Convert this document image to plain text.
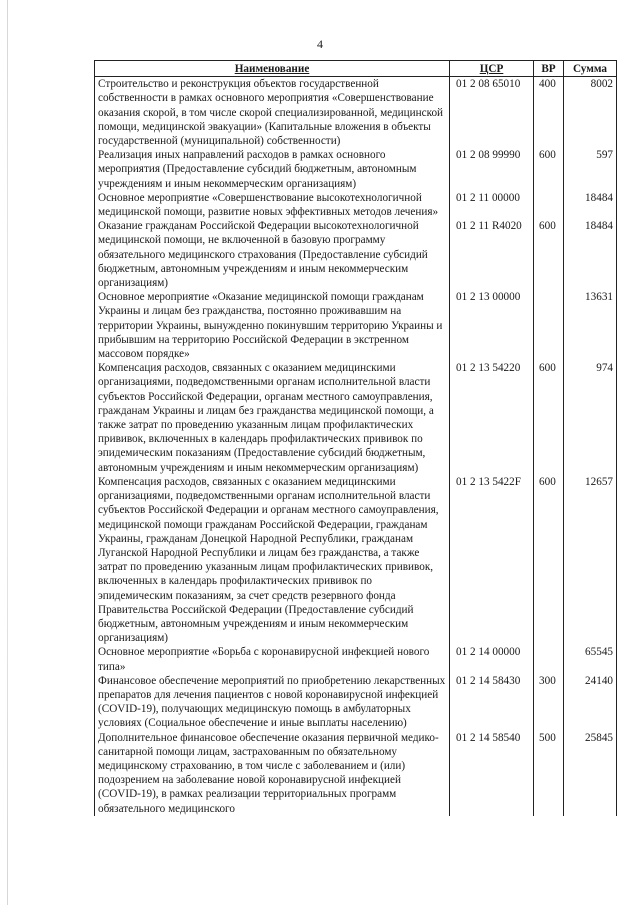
4
Наименование	ЦСР	ВР	Сумма
Строительство и реконструкция объектов государственной собственности в рамках основного мероприятия «Совершенствование оказания скорой, в том числе скорой специализированной, медицинской помощи, медицинской эвакуации» (Капитальные вложения в объекты государственной (муниципальной) собственности)	01 2 08 65010	400	8002
Реализация иных направлений расходов в рамках основного мероприятия (Предоставление субсидий бюджетным, автономным учреждениям и иным некоммерческим организациям)	01 2 08 99990	600	597
Основное мероприятие «Совершенствование высокотехнологичной медицинской помощи, развитие новых эффективных методов лечения»	01 2 11 00000		18484
Оказание гражданам Российской Федерации высокотехнологичной медицинской помощи, не включенной в базовую программу обязательного медицинского страхования (Предоставление субсидий бюджетным, автономным учреждениям и иным некоммерческим организациям)	01 2 11 R4020	600	18484
Основное мероприятие «Оказание медицинской помощи гражданам Украины и лицам без гражданства, постоянно проживавшим на территории Украины, вынужденно покинувшим территорию Украины и прибывшим на территорию Российской Федерации в экстренном массовом порядке»	01 2 13 00000		13631
Компенсация расходов, связанных с оказанием медицинскими организациями, подведомственными органам исполнительной власти субъектов Российской Федерации, органам местного самоуправления, гражданам Украины и лицам без гражданства медицинской помощи, а также затрат по проведению указанным лицам профилактических прививок, включенных в календарь профилактических прививок по эпидемическим показаниям (Предоставление субсидий бюджетным, автономным учреждениям и иным некоммерческим организациям)	01 2 13 54220	600	974
Компенсация расходов, связанных с оказанием медицинскими организациями, подведомственными органам исполнительной власти субъектов Российской Федерации и органам местного самоуправления, медицинской помощи гражданам Российской Федерации, гражданам Украины, гражданам Донецкой Народной Республики, гражданам Луганской Народной Республики и лицам без гражданства, а также затрат по проведению указанным лицам профилактических прививок, включенных в календарь профилактических прививок по эпидемическим показаниям, за счет средств резервного фонда Правительства Российской Федерации (Предоставление субсидий бюджетным, автономным учреждениям и иным некоммерческим организациям)	01 2 13 5422F	600	12657
Основное мероприятие «Борьба с коронавирусной инфекцией нового типа»	01 2 14 00000		65545
Финансовое обеспечение мероприятий по приобретению лекарственных препаратов для лечения пациентов с новой коронавирусной инфекцией (COVID-19), получающих медицинскую помощь в амбулаторных условиях (Социальное обеспечение и иные выплаты населению)	01 2 14 58430	300	24140
Дополнительное финансовое обеспечение оказания первичной медико-санитарной помощи лицам, застрахованным по обязательному медицинскому страхованию, в том числе с заболеванием и (или) подозрением на заболевание новой коронавирусной инфекцией (COVID-19), в рамках реализации территориальных программ обязательного медицинского	01 2 14 58540	500	25845
